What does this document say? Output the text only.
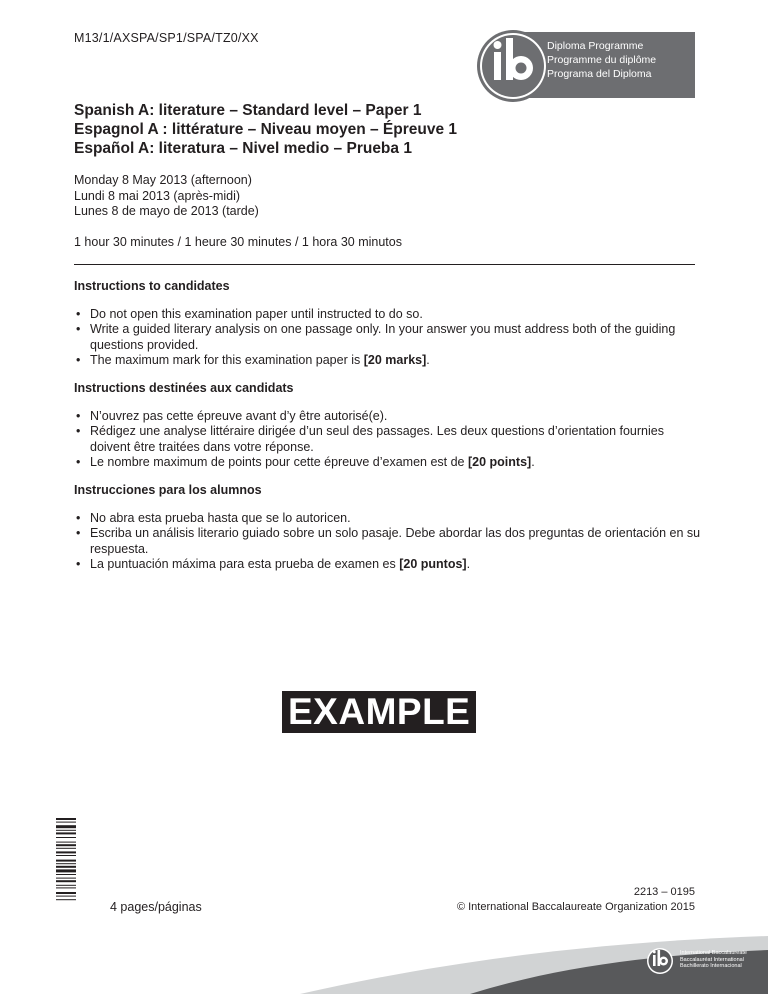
M13/1/AXSPA/SP1/SPA/TZ0/XX
Diploma Programme
Programme du diplôme
Programa del Diploma
Spanish A: literature – Standard level – Paper 1
Espagnol A : littérature – Niveau moyen – Épreuve 1
Español A: literatura – Nivel medio – Prueba 1
Monday 8 May 2013 (afternoon)
Lundi 8 mai 2013 (après-midi)
Lunes 8 de mayo de 2013 (tarde)
1 hour 30 minutes / 1 heure 30 minutes / 1 hora 30 minutos
Instructions to candidates
• Do not open this examination paper until instructed to do so.
• Write a guided literary analysis on one passage only. In your answer you must address both of the guiding questions provided.
• The maximum mark for this examination paper is [20 marks].
Instructions destinées aux candidats
• N’ouvrez pas cette épreuve avant d’y être autorisé(e).
• Rédigez une analyse littéraire dirigée d’un seul des passages. Les deux questions d’orientation fournies doivent être traitées dans votre réponse.
• Le nombre maximum de points pour cette épreuve d’examen est de [20 points].
Instrucciones para los alumnos
• No abra esta prueba hasta que se lo autoricen.
• Escriba un análisis literario guiado sobre un solo pasaje. Debe abordar las dos preguntas de orientación en su respuesta.
• La puntuación máxima para esta prueba de examen es [20 puntos].
EXAMPLE
4 pages/páginas
2213 – 0195
© International Baccalaureate Organization 2015
International Baccalaureate
Baccalauréat International
Bachillerato Internacional
